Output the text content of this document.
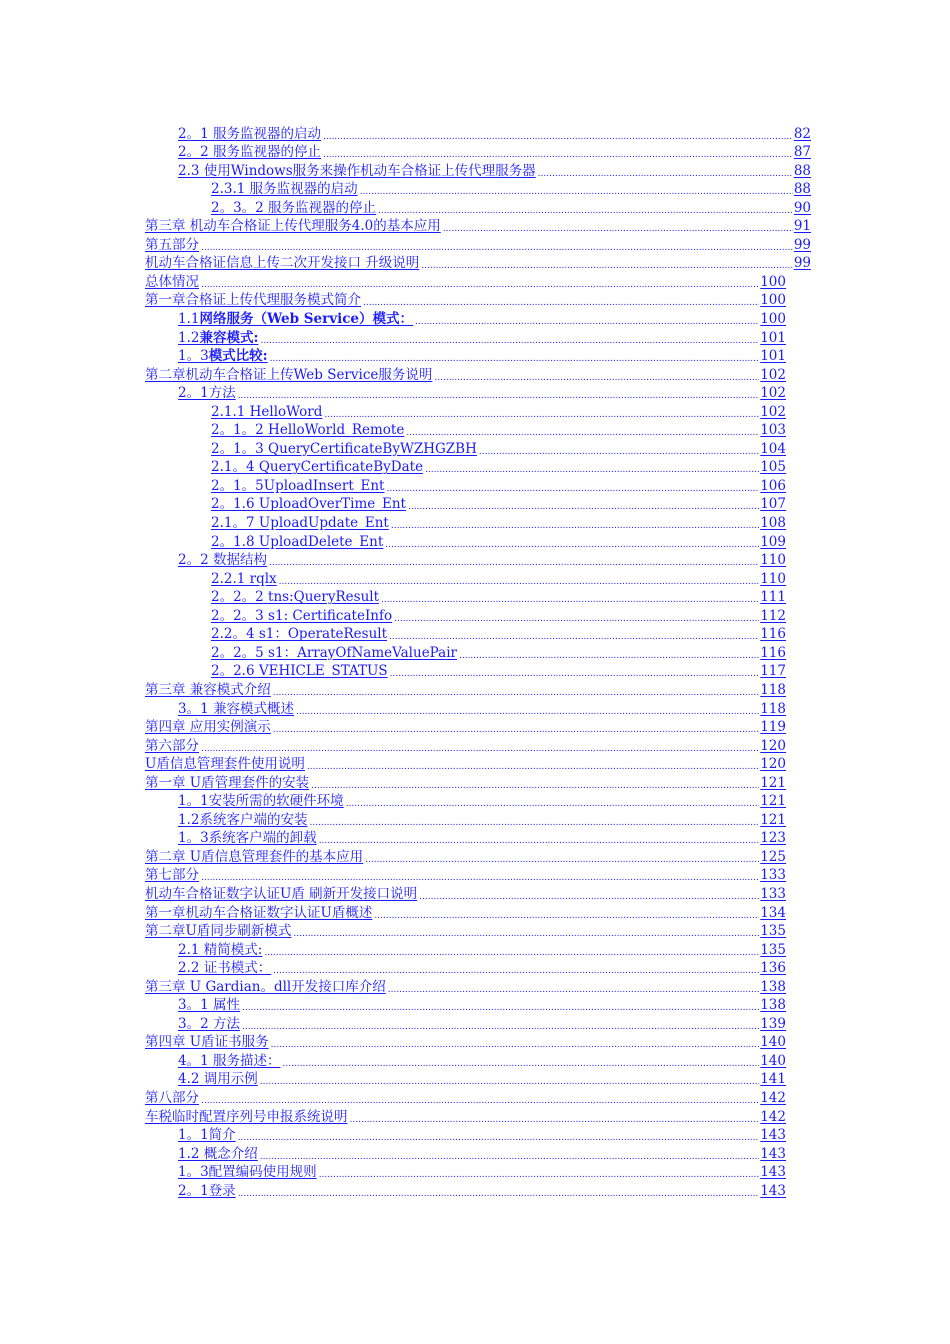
2。1 服务监视器的启动 .....	82
2。2 服务监视器的停止 .....	87
2.3 使用Windows服务来操作机动车合格证上传代理服务器 .....	88
2.3.1 服务监视器的启动 .....	88
2。3。2 服务监视器的停止 .....	90
第三章 机动车合格证上传代理服务4.0的基本应用 .....	91
第五部分 .....	99
机动车合格证信息上传二次开发接口 升级说明 .....	99
总体情况 .....	100
第一章合格证上传代理服务模式简介 .....	100
1.1网络服务（Web Service）模式： .....	100
1.2兼容模式: .....	101
1。3模式比较: .....	101
第二章机动车合格证上传Web Service服务说明 .....	102
2。1方法 .....	102
2.1.1 HelloWord .....	102
2。1。2 HelloWorld_Remote .....	103
2。1。3 QueryCertificateByWZHGZBH .....	104
2.1。4 QueryCertificateByDate .....	105
2。1。5UploadInsert_Ent .....	106
2。1.6 UploadOverTime_Ent .....	107
2.1。7 UploadUpdate_Ent .....	108
2。1.8 UploadDelete_Ent .....	109
2。2 数据结构 .....	110
2.2.1 rqlx .....	110
2。2。2 tns:QueryResult .....	111
2。2。3 s1: CertificateInfo .....	112
2.2。4 s1：OperateResult .....	116
2。2。5 s1：ArrayOfNameValuePair .....	116
2。2.6 VEHICLE_STATUS .....	117
第三章 兼容模式介绍 .....	118
3。1 兼容模式概述 .....	118
第四章 应用实例演示 .....	119
第六部分 .....	120
U盾信息管理套件使用说明 .....	120
第一章 U盾管理套件的安装 .....	121
1。1安装所需的软硬件环境 .....	121
1.2系统客户端的安装 .....	121
1。3系统客户端的卸载 .....	123
第二章 U盾信息管理套件的基本应用 .....	125
第七部分 .....	133
机动车合格证数字认证U盾 刷新开发接口说明 .....	133
第一章机动车合格证数字认证U盾概述 .....	134
第二章U盾同步刷新模式 .....	135
2.1 精简模式: .....	135
2.2 证书模式： .....	136
第三章 U Gardian。dll开发接口库介绍 .....	138
3。1 属性 .....	138
3。2 方法 .....	139
第四章 U盾证书服务 .....	140
4。1 服务描述： .....	140
4.2 调用示例 .....	141
第八部分 .....	142
车税临时配置序列号申报系统说明 .....	142
1。1简介 .....	143
1.2 概念介绍 .....	143
1。3配置编码使用规则 .....	143
2。1登录 .....	143
